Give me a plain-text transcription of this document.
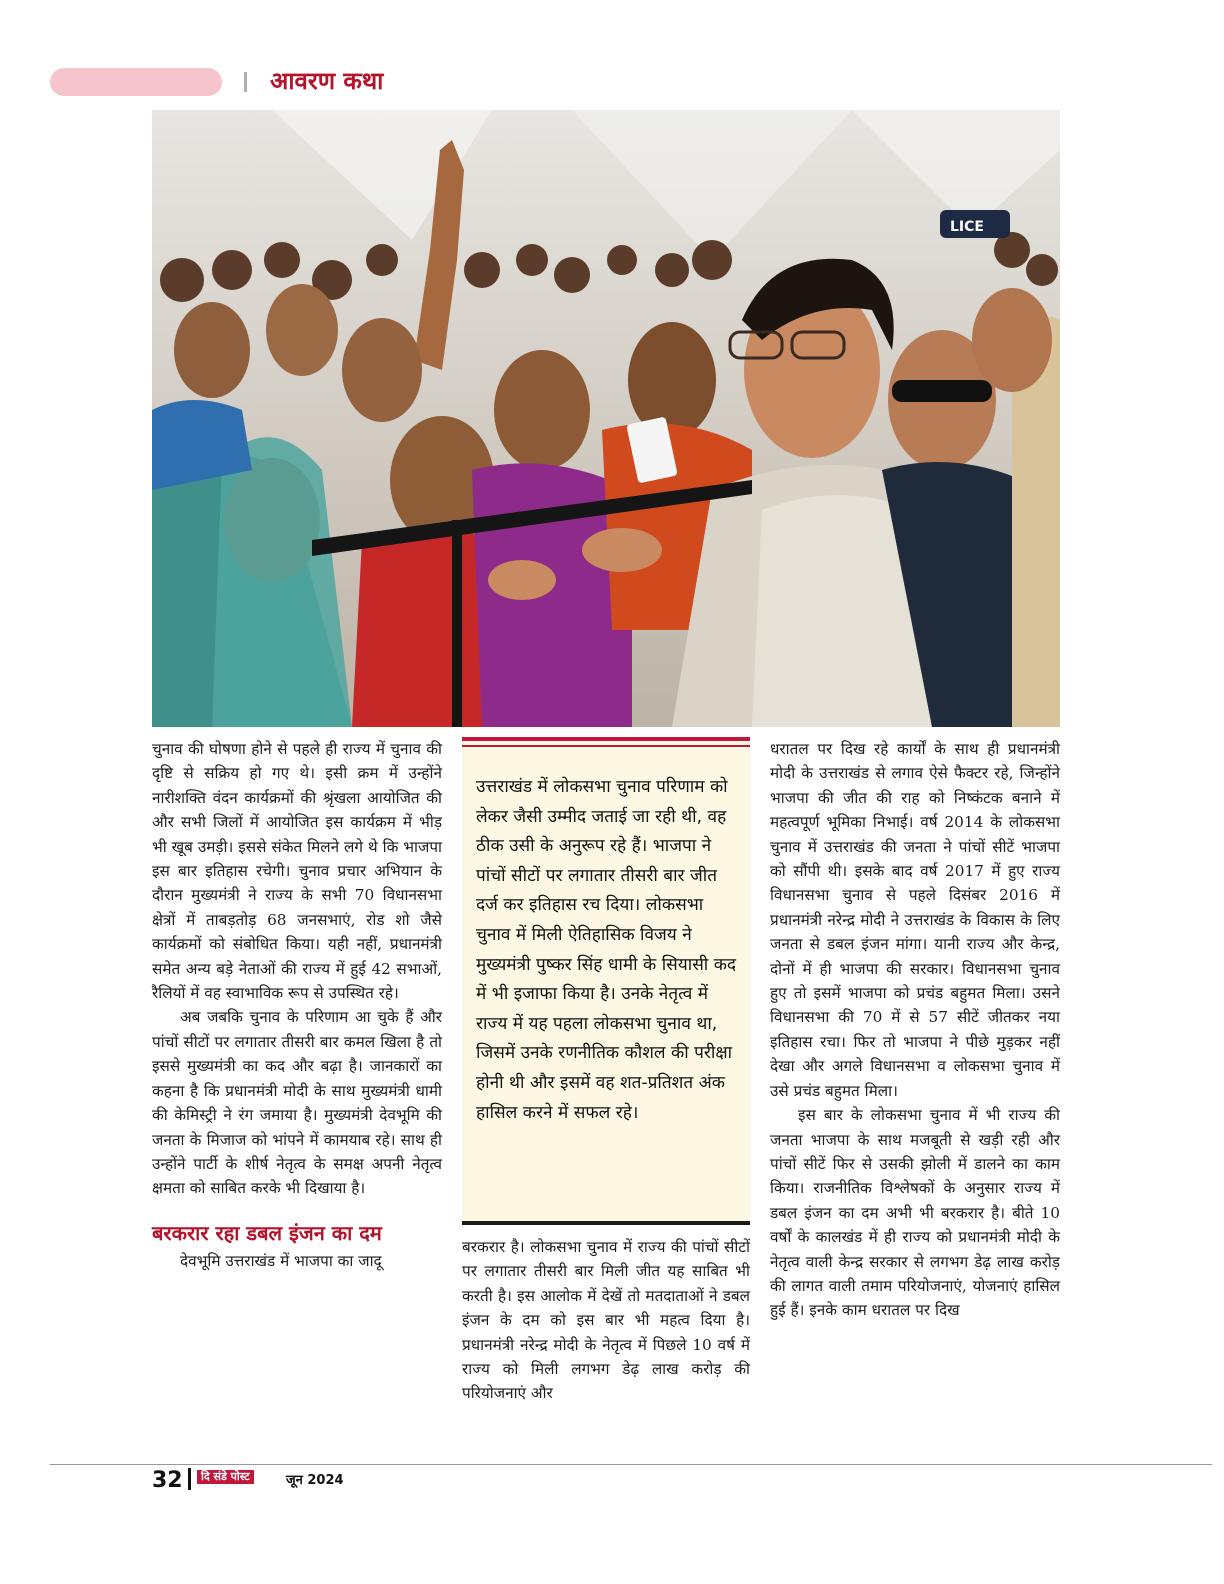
आवरण कथा
LICE

चुनाव की घोषणा होने से पहले ही राज्य में चुनाव की दृष्टि से सक्रिय हो गए थे। इसी क्रम में उन्होंने नारीशक्ति वंदन कार्यक्रमों की श्रृंखला आयोजित की और सभी जिलों में आयोजित इस कार्यक्रम में भीड़ भी खूब उमड़ी। इससे संकेत मिलने लगे थे कि भाजपा इस बार इतिहास रचेगी। चुनाव प्रचार अभियान के दौरान मुख्यमंत्री ने राज्य के सभी 70 विधानसभा क्षेत्रों में ताबड़तोड़ 68 जनसभाएं, रोड शो जैसे कार्यक्रमों को संबोधित किया। यही नहीं, प्रधानमंत्री समेत अन्य बड़े नेताओं की राज्य में हुई 42 सभाओं, रैलियों में वह स्वाभाविक रूप से उपस्थित रहे।

अब जबकि चुनाव के परिणाम आ चुके हैं और पांचों सीटों पर लगातार तीसरी बार कमल खिला है तो इससे मुख्यमंत्री का कद और बढ़ा है। जानकारों का कहना है कि प्रधानमंत्री मोदी के साथ मुख्यमंत्री धामी की केमिस्ट्री ने रंग जमाया है। मुख्यमंत्री देवभूमि की जनता के मिजाज को भांपने में कामयाब रहे। साथ ही उन्होंने पार्टी के शीर्ष नेतृत्व के समक्ष अपनी नेतृत्व क्षमता को साबित करके भी दिखाया है।

बरकरार रहा डबल इंजन का दम

देवभूमि उत्तराखंड में भाजपा का जादू

उत्तराखंड में लोकसभा चुनाव परिणाम को लेकर जैसी उम्मीद जताई जा रही थी, वह ठीक उसी के अनुरूप रहे हैं। भाजपा ने पांचों सीटों पर लगातार तीसरी बार जीत दर्ज कर इतिहास रच दिया। लोकसभा चुनाव में मिली ऐतिहासिक विजय ने मुख्यमंत्री पुष्कर सिंह धामी के सियासी कद में भी इजाफा किया है। उनके नेतृत्व में राज्य में यह पहला लोकसभा चुनाव था, जिसमें उनके रणनीतिक कौशल की परीक्षा होनी थी और इसमें वह शत-प्रतिशत अंक हासिल करने में सफल रहे।

बरकरार है। लोकसभा चुनाव में राज्य की पांचों सीटों पर लगातार तीसरी बार मिली जीत यह साबित भी करती है। इस आलोक में देखें तो मतदाताओं ने डबल इंजन के दम को इस बार भी महत्व दिया है। प्रधानमंत्री नरेन्द्र मोदी के नेतृत्व में पिछले 10 वर्ष में राज्य को मिली लगभग डेढ़ लाख करोड़ की परियोजनाएं और

धरातल पर दिख रहे कार्यों के साथ ही प्रधानमंत्री मोदी के उत्तराखंड से लगाव ऐसे फैक्टर रहे, जिन्होंने भाजपा की जीत की राह को निष्कंटक बनाने में महत्वपूर्ण भूमिका निभाई। वर्ष 2014 के लोकसभा चुनाव में उत्तराखंड की जनता ने पांचों सीटें भाजपा को सौंपी थी। इसके बाद वर्ष 2017 में हुए राज्य विधानसभा चुनाव से पहले दिसंबर 2016 में प्रधानमंत्री नरेन्द्र मोदी ने उत्तराखंड के विकास के लिए जनता से डबल इंजन मांगा। यानी राज्य और केन्द्र, दोनों में ही भाजपा की सरकार। विधानसभा चुनाव हुए तो इसमें भाजपा को प्रचंड बहुमत मिला। उसने विधानसभा की 70 में से 57 सीटें जीतकर नया इतिहास रचा। फिर तो भाजपा ने पीछे मुड़कर नहीं देखा और अगले विधानसभा व लोकसभा चुनाव में उसे प्रचंड बहुमत मिला।

इस बार के लोकसभा चुनाव में भी राज्य की जनता भाजपा के साथ मजबूती से खड़ी रही और पांचों सीटें फिर से उसकी झोली में डालने का काम किया। राजनीतिक विश्लेषकों के अनुसार राज्य में डबल इंजन का दम अभी भी बरकरार है। बीते 10 वर्षों के कालखंड में ही राज्य को प्रधानमंत्री मोदी के नेतृत्व वाली केन्द्र सरकार से लगभग डेढ़ लाख करोड़ की लागत वाली तमाम परियोजनाएं, योजनाएं हासिल हुई हैं। इनके काम धरातल पर दिख

32	दि संडे पोस्ट	जून 2024
